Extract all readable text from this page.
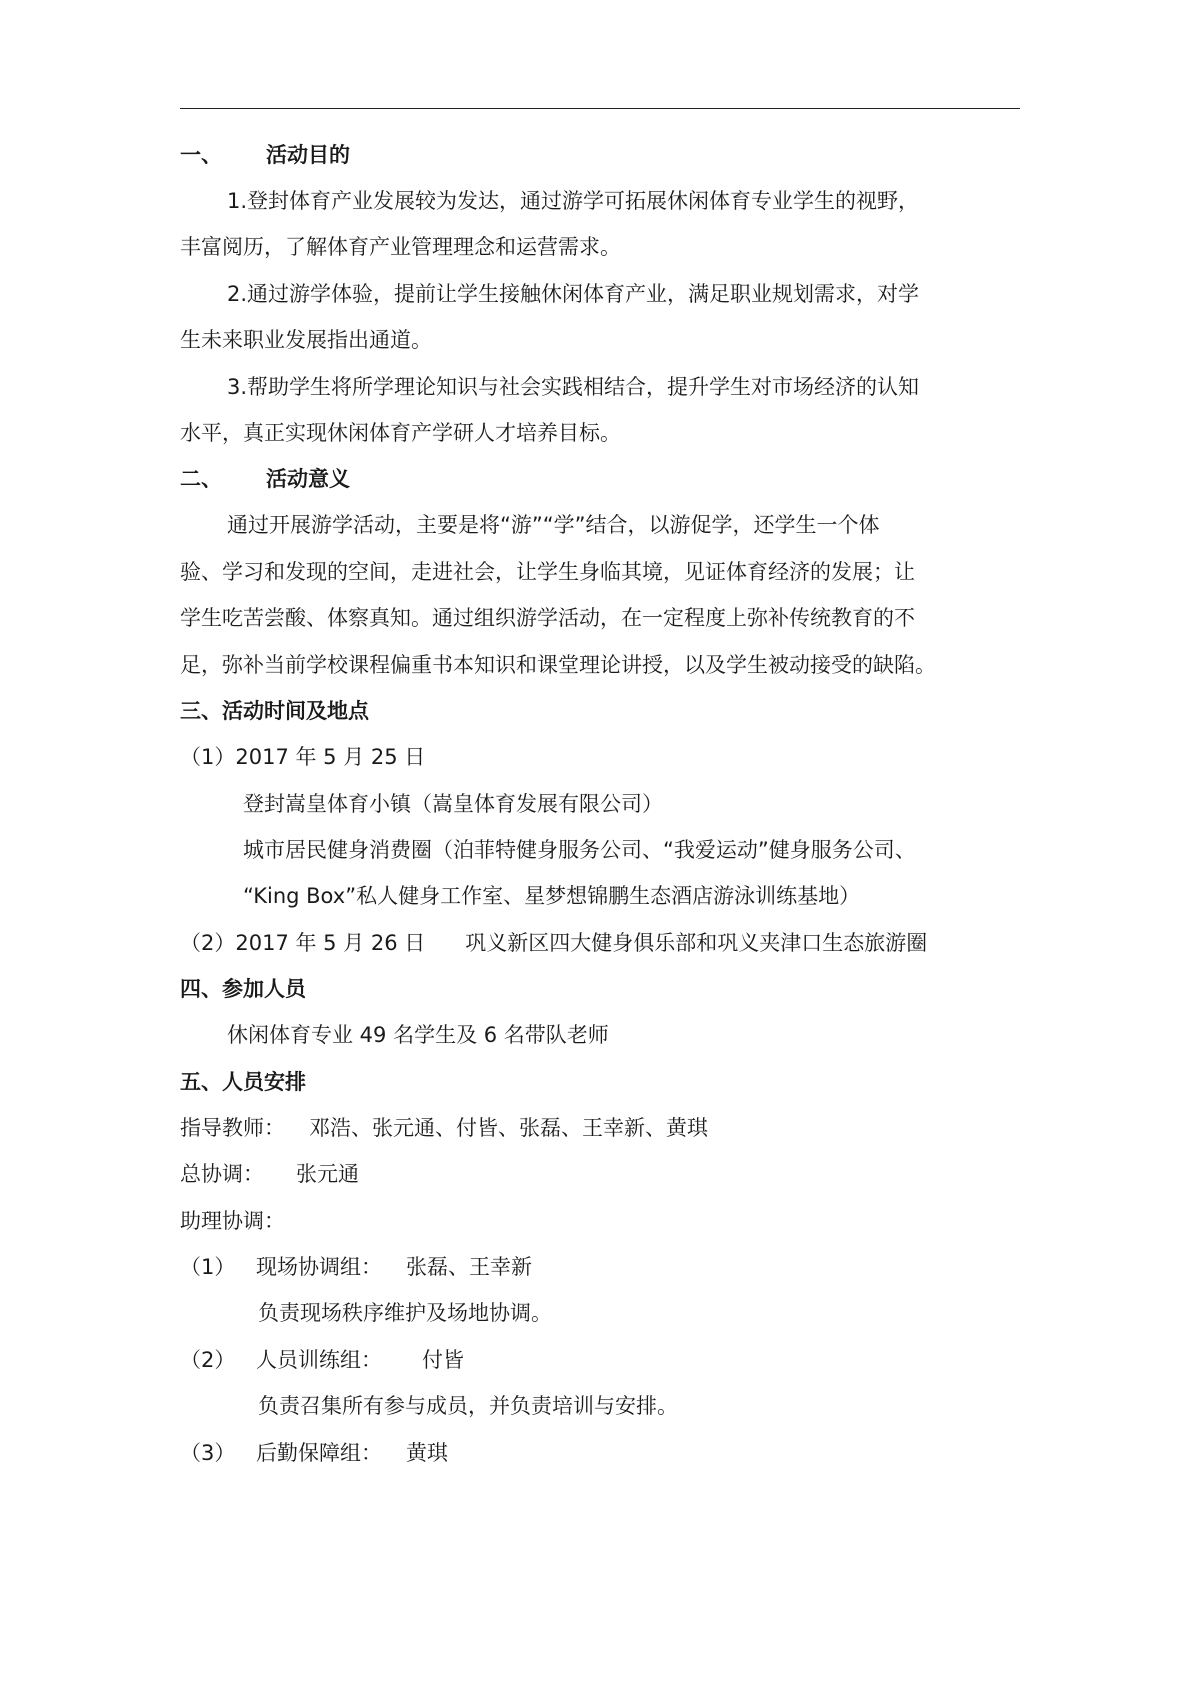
一、 活动目的
1.登封体育产业发展较为发达，通过游学可拓展休闲体育专业学生的视野，
丰富阅历，了解体育产业管理理念和运营需求。
2.通过游学体验，提前让学生接触休闲体育产业，满足职业规划需求，对学
生未来职业发展指出通道。
3.帮助学生将所学理论知识与社会实践相结合，提升学生对市场经济的认知
水平，真正实现休闲体育产学研人才培养目标。
二、 活动意义
通过开展游学活动，主要是将“游”“学”结合，以游促学，还学生一个体
验、学习和发现的空间，走进社会，让学生身临其境，见证体育经济的发展；让
学生吃苦尝酸、体察真知。通过组织游学活动，在一定程度上弥补传统教育的不
足，弥补当前学校课程偏重书本知识和课堂理论讲授，以及学生被动接受的缺陷。
三、活动时间及地点
（1）2017 年 5 月 25 日
登封嵩皇体育小镇（嵩皇体育发展有限公司）
城市居民健身消费圈（泊菲特健身服务公司、“我爱运动”健身服务公司、
“King Box”私人健身工作室、星梦想锦鹏生态酒店游泳训练基地）
（2）2017 年 5 月 26 日 巩义新区四大健身俱乐部和巩义夹津口生态旅游圈
四、参加人员
休闲体育专业 49 名学生及 6 名带队老师
五、人员安排
指导教师： 邓浩、张元通、付皆、张磊、王幸新、黄琪
总协调： 张元通
助理协调：
（1） 现场协调组： 张磊、王幸新
负责现场秩序维护及场地协调。
（2） 人员训练组： 付皆
负责召集所有参与成员，并负责培训与安排。
（3） 后勤保障组： 黄琪
